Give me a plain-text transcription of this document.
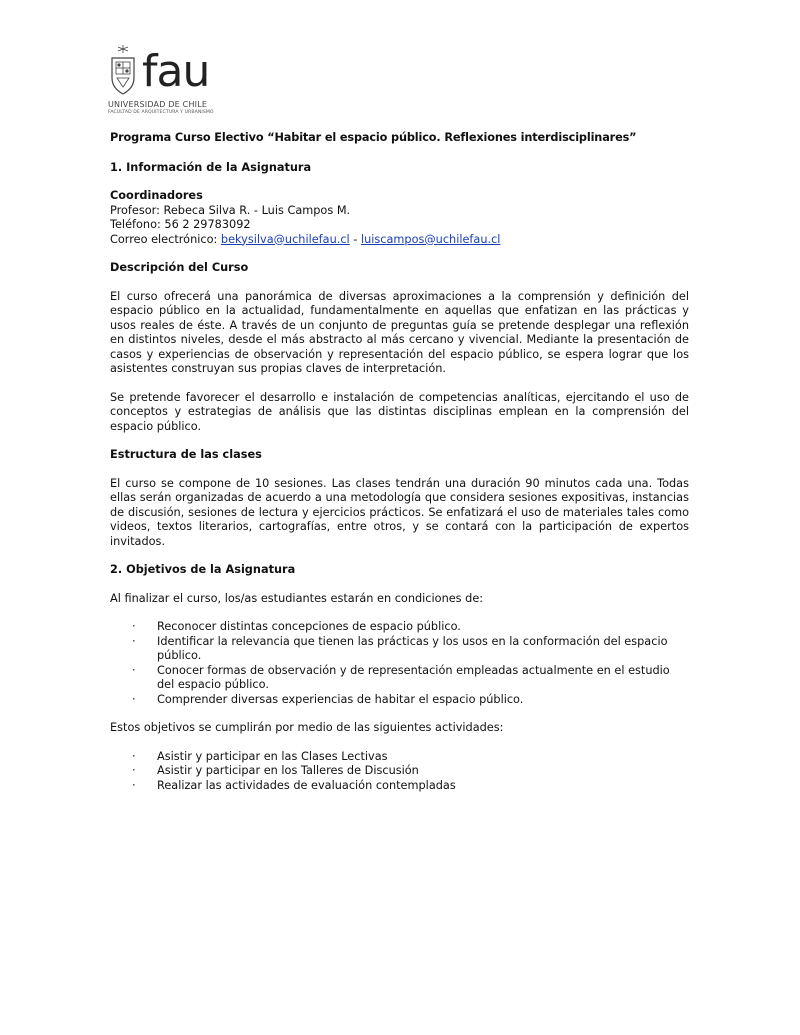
fau
UNIVERSIDAD DE CHILE
FACULTAD DE ARQUITECTURA Y URBANISMO
Programa Curso Electivo “Habitar el espacio público. Reflexiones interdisciplinares”
1. Información de la Asignatura
Coordinadores
Profesor: Rebeca Silva R. - Luis Campos M.
Teléfono: 56 2 29783092
Correo electrónico: bekysilva@uchilefau.cl - luiscampos@uchilefau.cl
Descripción del Curso
El curso ofrecerá una panorámica de diversas aproximaciones a la comprensión y definición del espacio público en la actualidad, fundamentalmente en aquellas que enfatizan en las prácticas y usos reales de éste. A través de un conjunto de preguntas guía se pretende desplegar una reflexión en distintos niveles, desde el más abstracto al más cercano y vivencial. Mediante la presentación de casos y experiencias de observación y representación del espacio público, se espera lograr que los asistentes construyan sus propias claves de interpretación.
Se pretende favorecer el desarrollo e instalación de competencias analíticas, ejercitando el uso de conceptos y estrategias de análisis que las distintas disciplinas emplean en la comprensión del espacio público.
Estructura de las clases
El curso se compone de 10 sesiones. Las clases tendrán una duración 90 minutos cada una. Todas ellas serán organizadas de acuerdo a una metodología que considera sesiones expositivas, instancias de discusión, sesiones de lectura y ejercicios prácticos. Se enfatizará el uso de materiales tales como videos, textos literarios, cartografías, entre otros, y se contará con la participación de expertos invitados.
2. Objetivos de la Asignatura
Al finalizar el curso, los/as estudiantes estarán en condiciones de:
· Reconocer distintas concepciones de espacio público.
· Identificar la relevancia que tienen las prácticas y los usos en la conformación del espacio público.
· Conocer formas de observación y de representación empleadas actualmente en el estudio del espacio público.
· Comprender diversas experiencias de habitar el espacio público.
Estos objetivos se cumplirán por medio de las siguientes actividades:
· Asistir y participar en las Clases Lectivas
· Asistir y participar en los Talleres de Discusión
· Realizar las actividades de evaluación contempladas
